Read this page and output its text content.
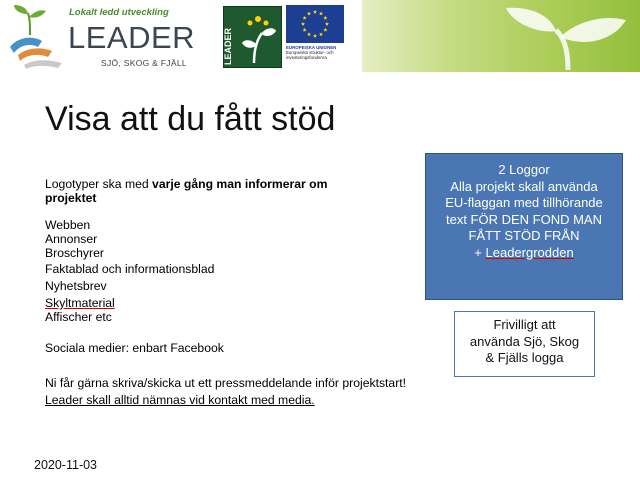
Lokalt ledd utveckling
LEADER
SJÖ, SKOG & FJÄLL	LEADER	EUROPEISKA UNIONEN
Europeiska struktur- och
investeringsfonderna
Visa att du fått stöd
Logotyper ska med varje gång man informerar om projektet
Webben
Annonser
Broschyrer
Faktablad och informationsblad
Nyhetsbrev
Skyltmaterial
Affischer etc
Sociala medier: enbart Facebook
Ni får gärna skriva/skicka ut ett pressmeddelande inför projektstart!
Leader skall alltid nämnas vid kontakt med media.
2 Loggor
Alla projekt skall använda
EU-flaggan med tillhörande
text FÖR DEN FOND MAN
FÅTT STÖD FRÅN
+ Leadergrodden
Frivilligt att
använda Sjö, Skog
& Fjälls logga
2020-11-03
